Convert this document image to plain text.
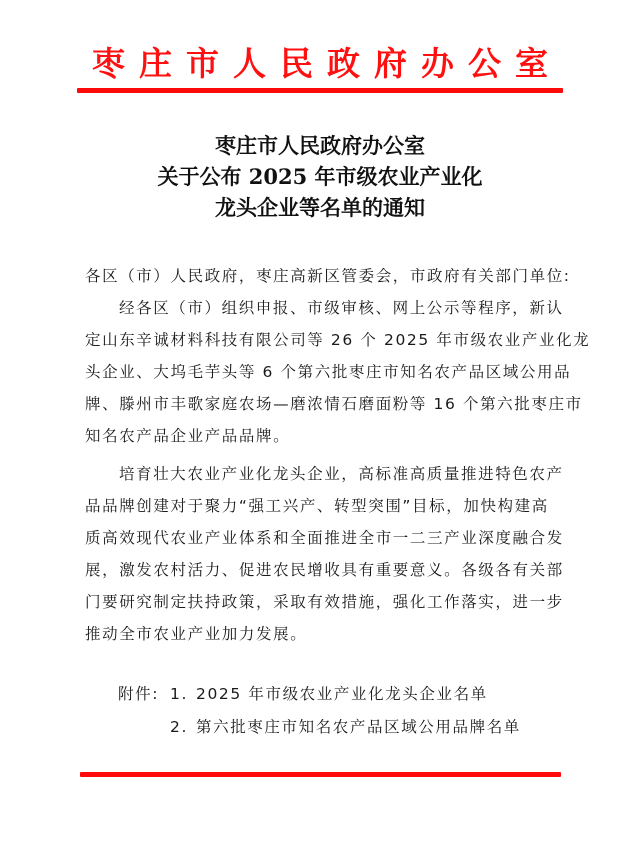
枣庄市人民政府办公室
枣庄市人民政府办公室
关于公布 2025 年市级农业产业化
龙头企业等名单的通知
各区（市）人民政府，枣庄高新区管委会，市政府有关部门单位:
经各区（市）组织申报、市级审核、网上公示等程序，新认
定山东辛诚材料科技有限公司等 26 个 2025 年市级农业产业化龙
头企业、大坞毛芋头等 6 个第六批枣庄市知名农产品区域公用品
牌、滕州市丰歌家庭农场—磨浓情石磨面粉等 16 个第六批枣庄市
知名农产品企业产品品牌。
培育壮大农业产业化龙头企业，高标准高质量推进特色农产
品品牌创建对于聚力“强工兴产、转型突围”目标，加快构建高
质高效现代农业产业体系和全面推进全市一二三产业深度融合发
展，激发农村活力、促进农民增收具有重要意义。各级各有关部
门要研究制定扶持政策，采取有效措施，强化工作落实，进一步
推动全市农业产业加力发展。
附件: 1. 2025 年市级农业产业化龙头企业名单
2. 第六批枣庄市知名农产品区域公用品牌名单
